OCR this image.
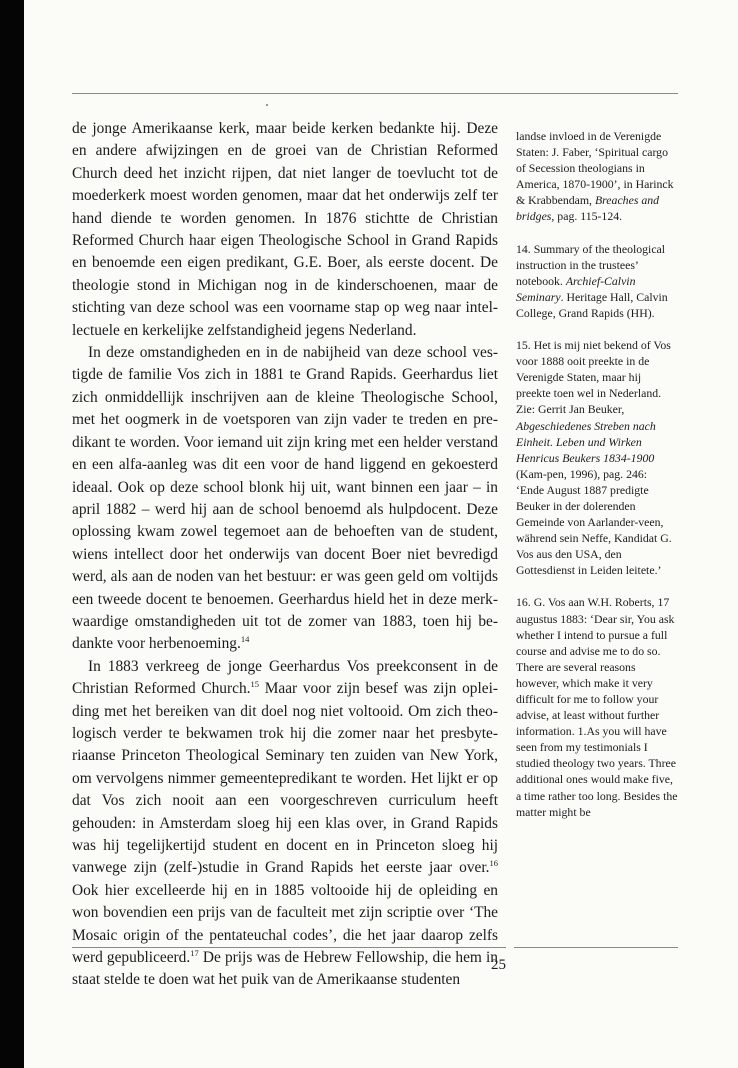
de jonge Amerikaanse kerk, maar beide kerken bedankte hij. Deze en andere afwijzingen en de groei van de Christian Reformed Church deed het inzicht rijpen, dat niet langer de toevlucht tot de moederkerk moest worden genomen, maar dat het onderwijs zelf ter hand diende te worden genomen. In 1876 stichtte de Christian Reformed Church haar eigen Theologische School in Grand Rapids en benoemde een eigen predikant, G.E. Boer, als eerste docent. De theologie stond in Michigan nog in de kinderschoenen, maar de stichting van deze school was een voorname stap op weg naar intel-lectuele en kerkelijke zelfstandigheid jegens Nederland.

In deze omstandigheden en in de nabijheid van deze school ves-tigde de familie Vos zich in 1881 te Grand Rapids. Geerhardus liet zich onmiddellijk inschrijven aan de kleine Theologische School, met het oogmerk in de voetsporen van zijn vader te treden en pre-dikant te worden. Voor iemand uit zijn kring met een helder verstand en een alfa-aanleg was dit een voor de hand liggend en gekoesterd ideaal. Ook op deze school blonk hij uit, want binnen een jaar – in april 1882 – werd hij aan de school benoemd als hulpdocent. Deze oplossing kwam zowel tegemoet aan de behoeften van de student, wiens intellect door het onderwijs van docent Boer niet bevredigd werd, als aan de noden van het bestuur: er was geen geld om voltijds een tweede docent te benoemen. Geerhardus hield het in deze merk-waardige omstandigheden uit tot de zomer van 1883, toen hij be-dankte voor herbenoeming.$^{14}$

In 1883 verkreeg de jonge Geerhardus Vos preekconsent in de Christian Reformed Church.$^{15}$ Maar voor zijn besef was zijn oplei-ding met het bereiken van dit doel nog niet voltooid. Om zich theo-logisch verder te bekwamen trok hij die zomer naar het presbyte-riaanse Princeton Theological Seminary ten zuiden van New York, om vervolgens nimmer gemeentepredikant te worden. Het lijkt er op dat Vos zich nooit aan een voorgeschreven curriculum heeft gehouden: in Amsterdam sloeg hij een klas over, in Grand Rapids was hij tegelijkertijd student en docent en in Princeton sloeg hij vanwege zijn (zelf-)studie in Grand Rapids het eerste jaar over.$^{16}$ Ook hier excelleerde hij en in 1885 voltooide hij de opleiding en won bovendien een prijs van de faculteit met zijn scriptie over ‘The Mosaic origin of the pentateuchal codes’, die het jaar daarop zelfs werd gepubliceerd.$^{17}$ De prijs was de Hebrew Fellowship, die hem in staat stelde te doen wat het puik van de Amerikaanse studenten

landse invloed in de Verenigde Staten: J. Faber, ‘Spiritual cargo of Secession theologians in America, 1870-1900’, in Harinck & Krabbendam, Breaches and bridges, pag. 115-124.

14. Summary of the theological instruction in the trustees’ notebook. Archief-Calvin Seminary. Heritage Hall, Calvin College, Grand Rapids (HH).

15. Het is mij niet bekend of Vos voor 1888 ooit preekte in de Verenigde Staten, maar hij preekte toen wel in Nederland. Zie: Gerrit Jan Beuker, Abgeschiedenes Streben nach Einheit. Leben und Wirken Henricus Beukers 1834-1900 (Kam-pen, 1996), pag. 246: ‘Ende August 1887 predigte Beuker in der dolerenden Gemeinde von Aarlander-veen, während sein Neffe, Kandidat G. Vos aus den USA, den Gottesdienst in Leiden leitete.’

16. G. Vos aan W.H. Roberts, 17 augustus 1883: ‘Dear sir, You ask whether I intend to pursue a full course and advise me to do so. There are several reasons however, which make it very difficult for me to follow your advise, at least without further information. 1.As you will have seen from my testimonials I studied theology two years. Three additional ones would make five, a time rather too long. Besides the matter might be

25
